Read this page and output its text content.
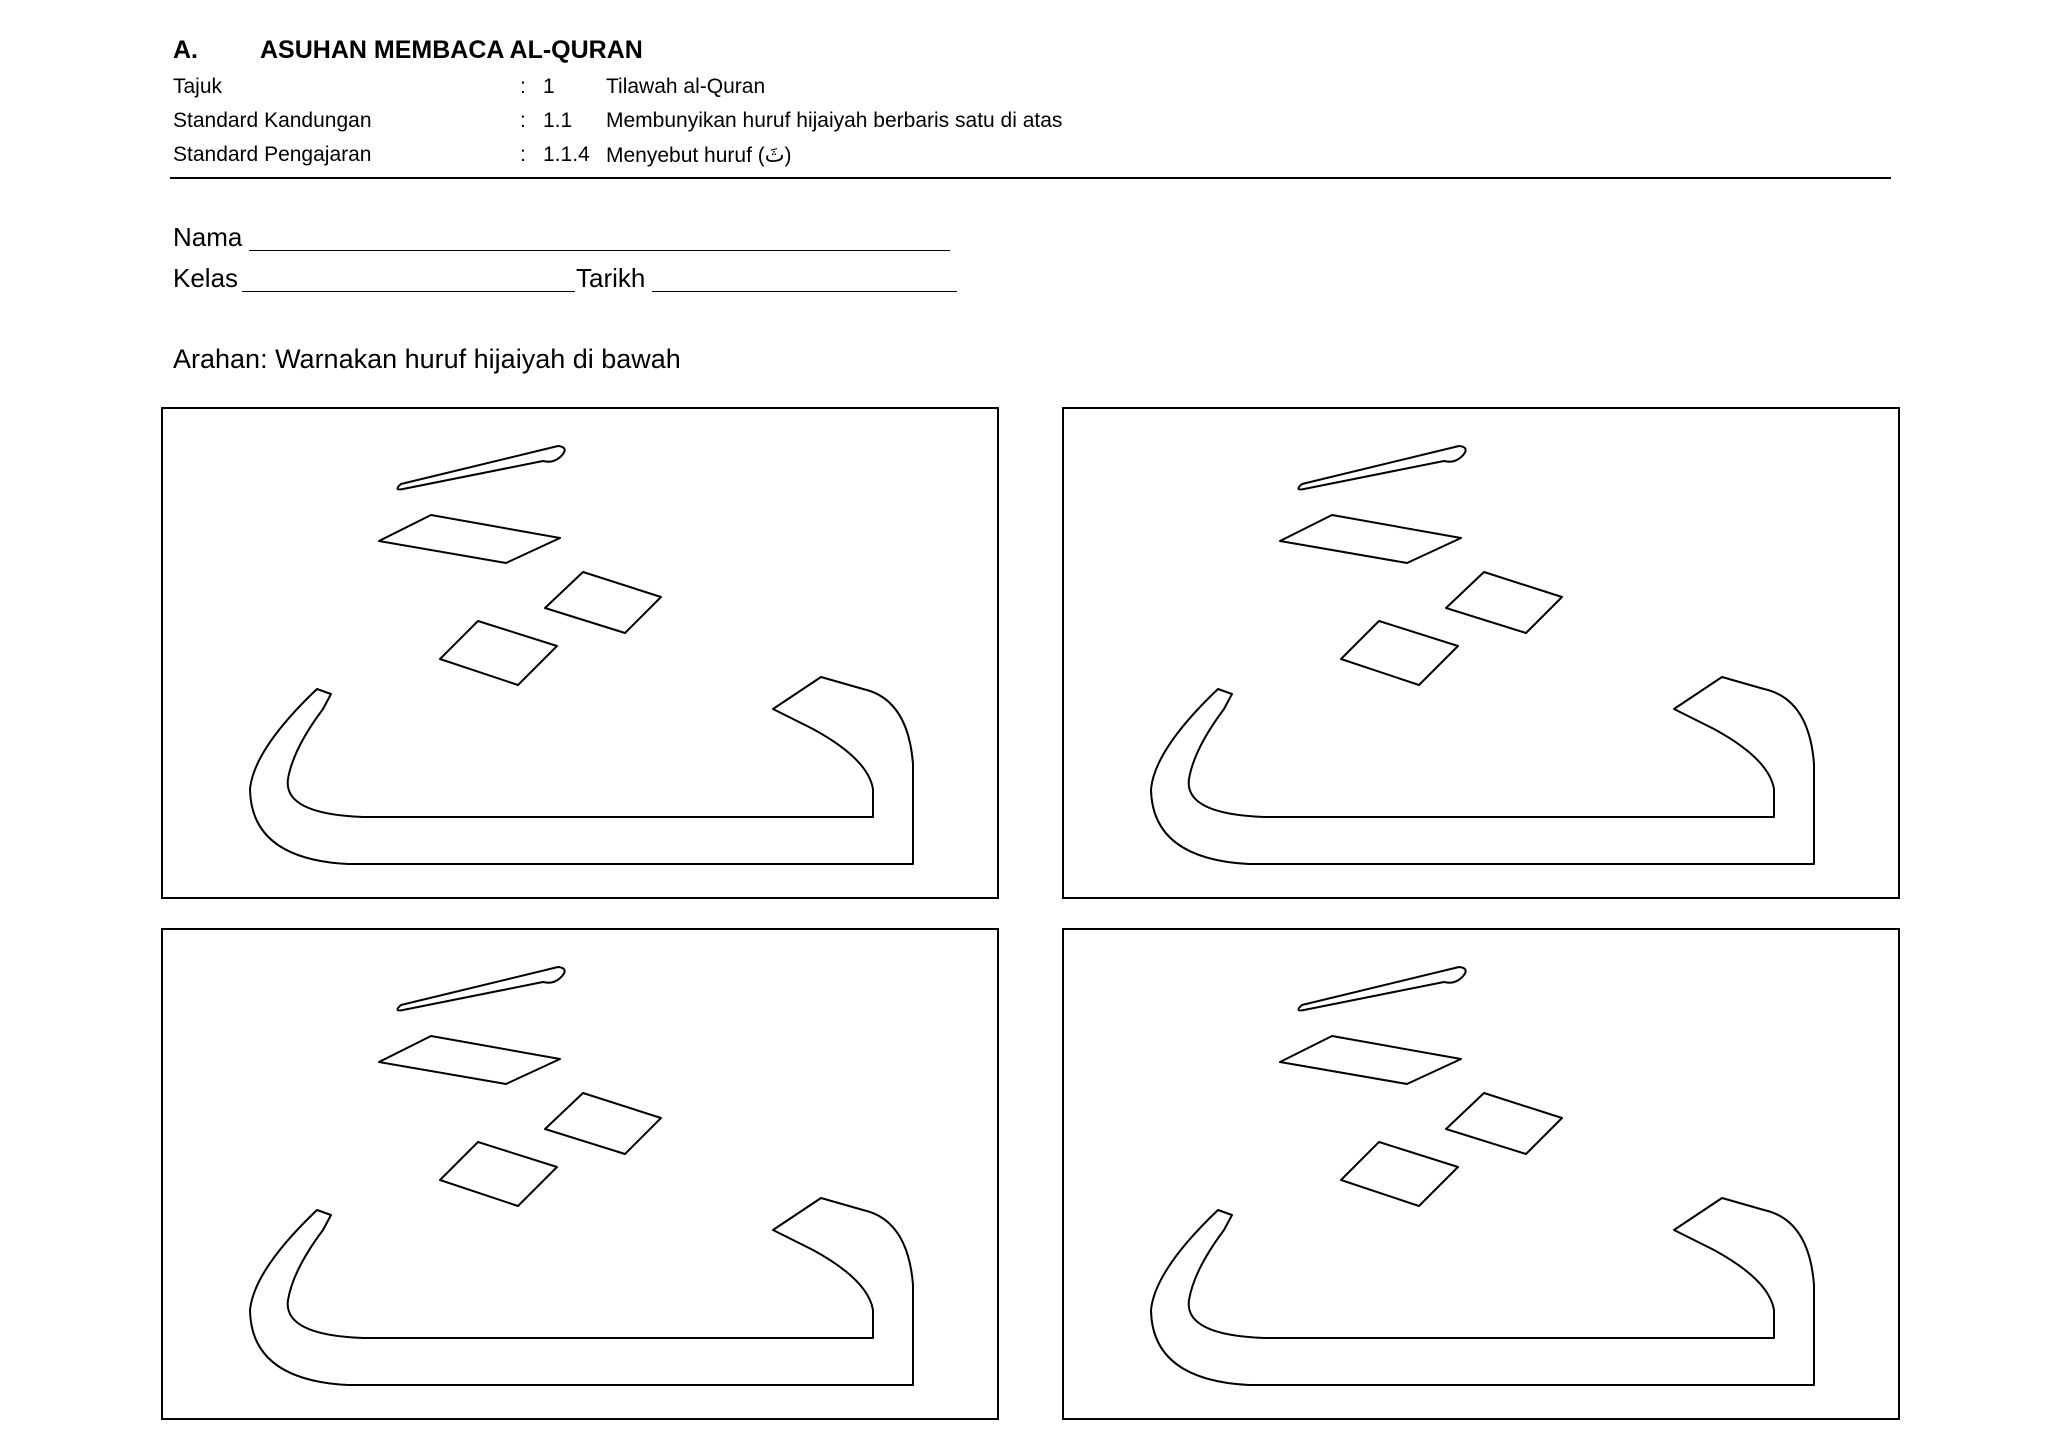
A. ASUHAN MEMBACA AL-QURAN
Tajuk	: 1 Tilawah al-Quran
Standard Kandungan	: 1.1 Membunyikan huruf hijaiyah berbaris satu di atas
Standard Pengajaran	: 1.1.4 Menyebut huruf (ثَ)
Nama
Kelas	Tarikh
Arahan: Warnakan huruf hijaiyah di bawah
